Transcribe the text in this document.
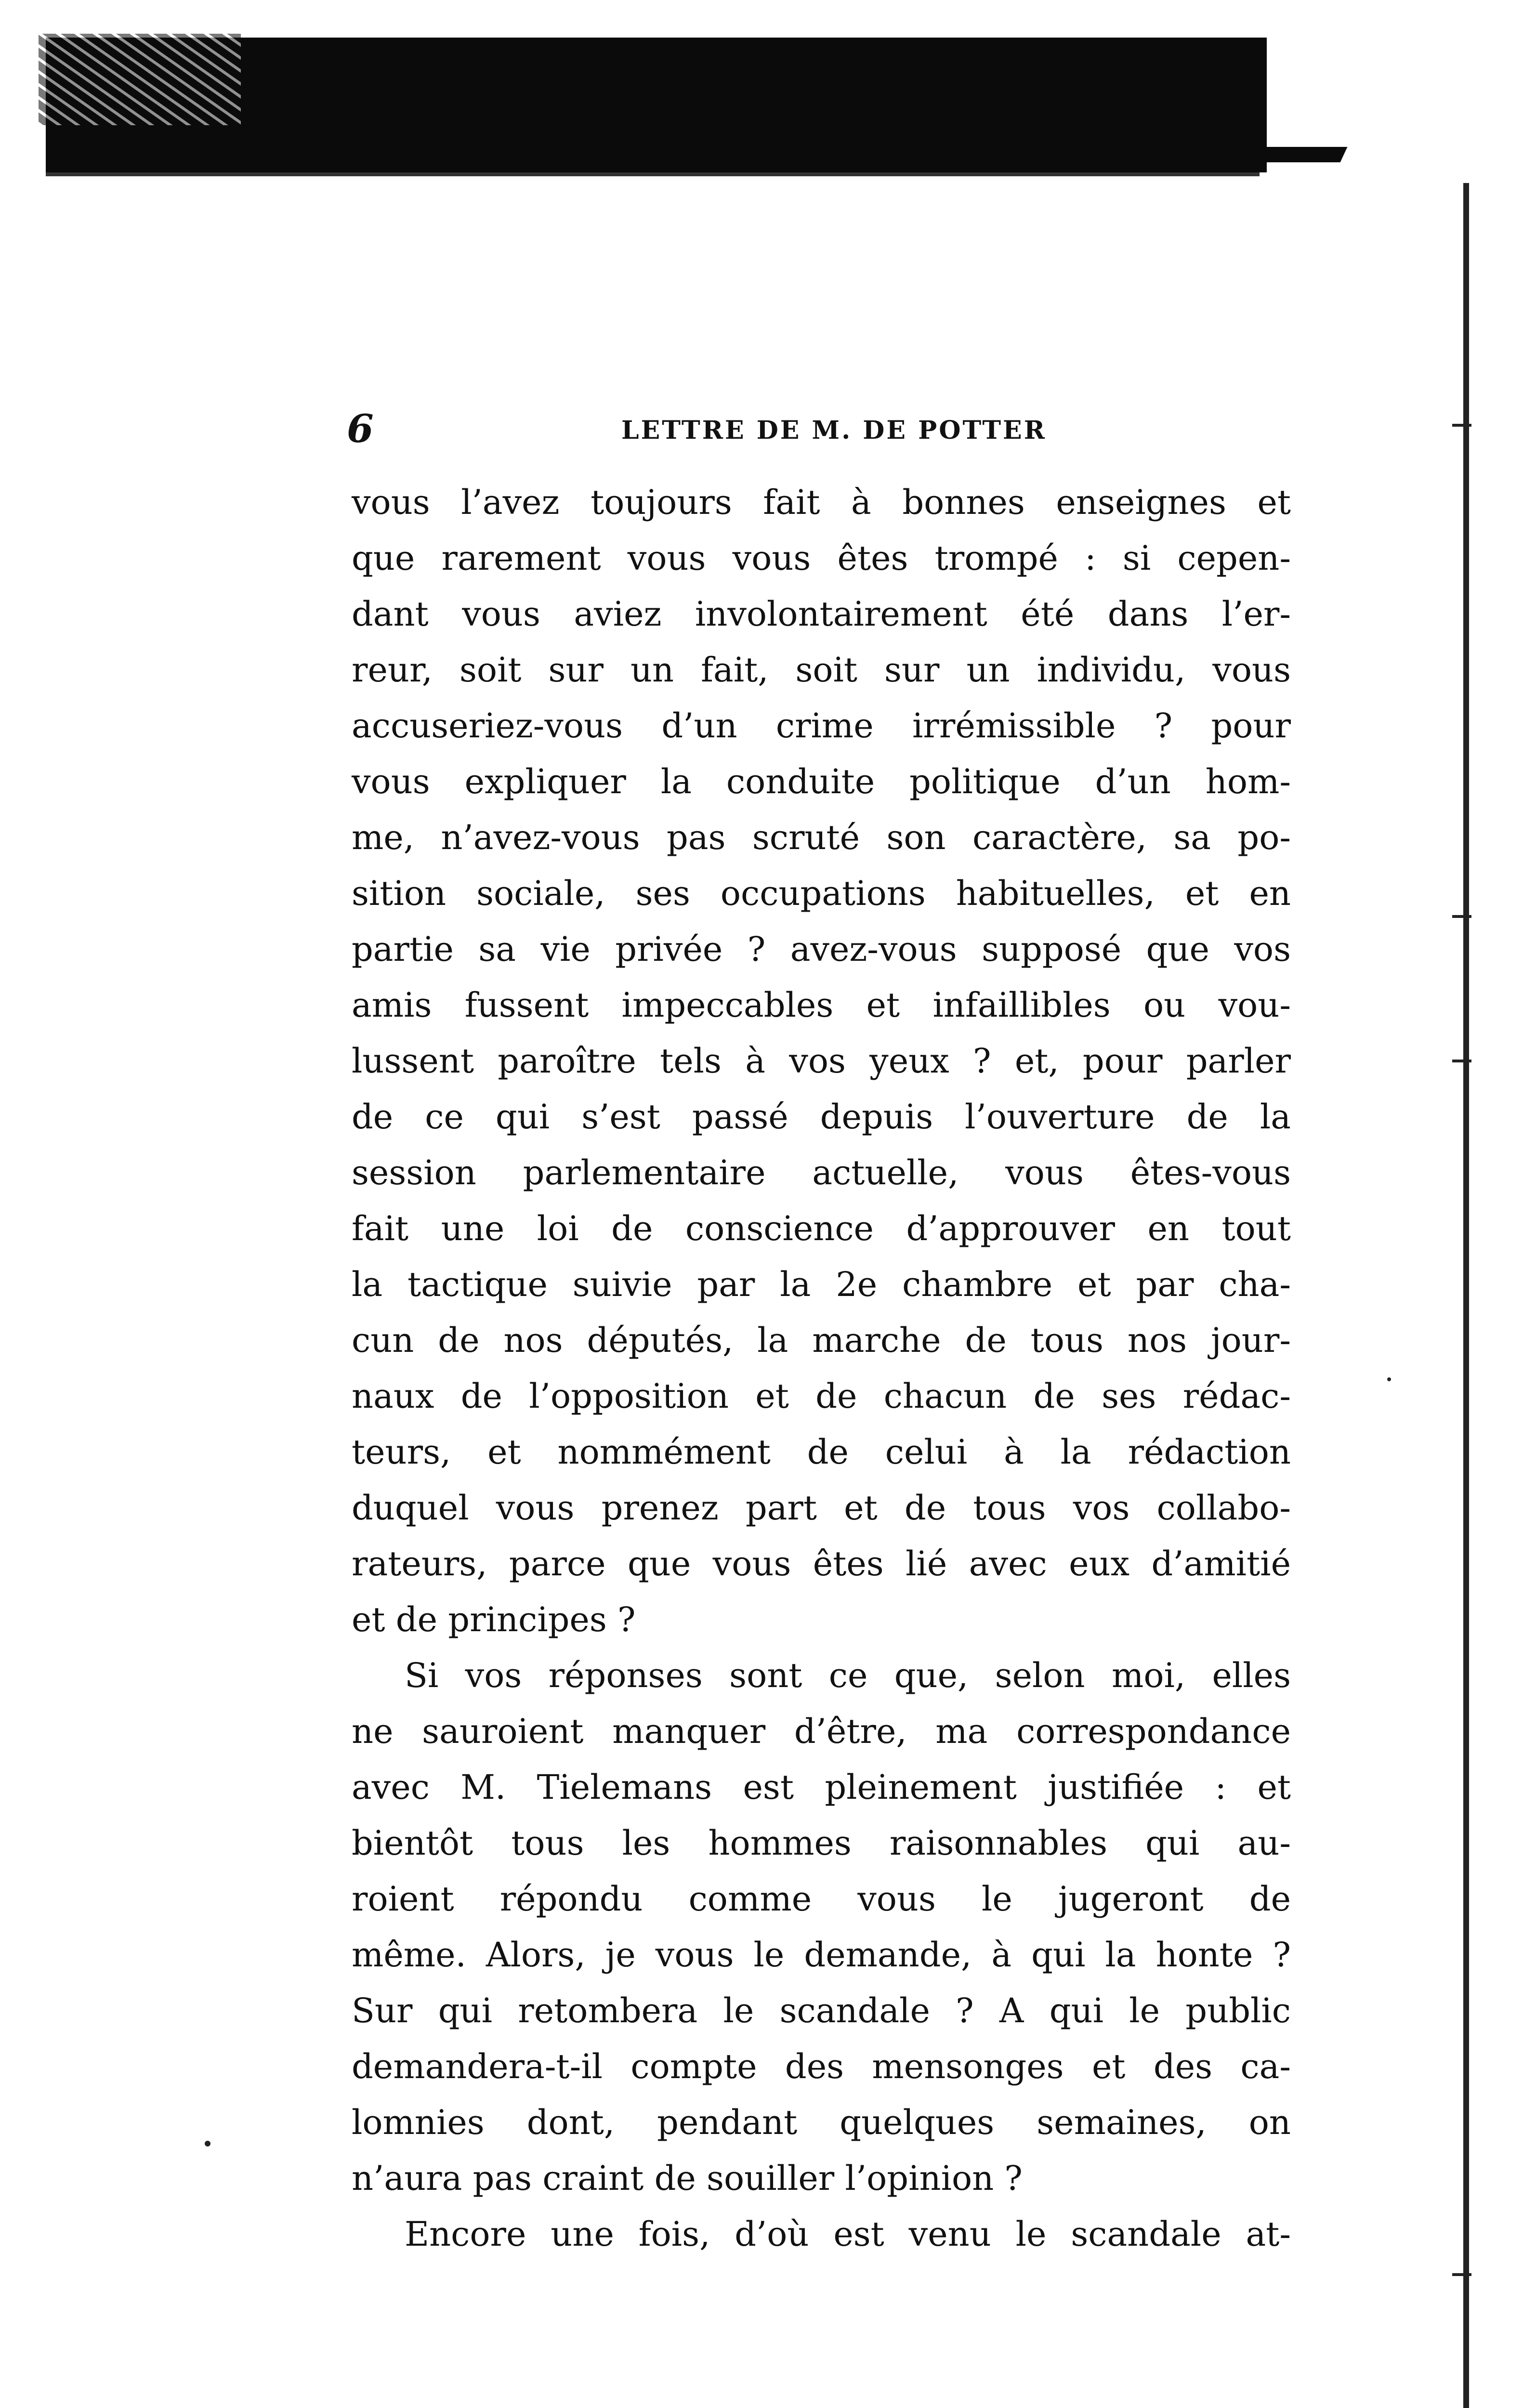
6	LETTRE DE M. DE POTTER
vous l’avez toujours fait à bonnes enseignes et
que rarement vous vous êtes trompé : si cepen-
dant vous aviez involontairement été dans l’er-
reur, soit sur un fait, soit sur un individu, vous
accuseriez-vous d’un crime irrémissible ? pour
vous expliquer la conduite politique d’un hom-
me, n’avez-vous pas scruté son caractère, sa po-
sition sociale, ses occupations habituelles, et en
partie sa vie privée ? avez-vous supposé que vos
amis fussent impeccables et infaillibles ou vou-
lussent paroître tels à vos yeux ? et, pour parler
de ce qui s’est passé depuis l’ouverture de la
session parlementaire actuelle, vous êtes-vous
fait une loi de conscience d’approuver en tout
la tactique suivie par la 2e chambre et par cha-
cun de nos députés, la marche de tous nos jour-
naux de l’opposition et de chacun de ses rédac-
teurs, et nommément de celui à la rédaction
duquel vous prenez part et de tous vos collabo-
rateurs, parce que vous êtes lié avec eux d’amitié
et de principes ?
Si vos réponses sont ce que, selon moi, elles
ne sauroient manquer d’être, ma correspondance
avec M. Tielemans est pleinement justifiée : et
bientôt tous les hommes raisonnables qui au-
roient répondu comme vous le jugeront de
même. Alors, je vous le demande, à qui la honte ?
Sur qui retombera le scandale ? A qui le public
demandera-t-il compte des mensonges et des ca-
lomnies dont, pendant quelques semaines, on
n’aura pas craint de souiller l’opinion ?
Encore une fois, d’où est venu le scandale at-
